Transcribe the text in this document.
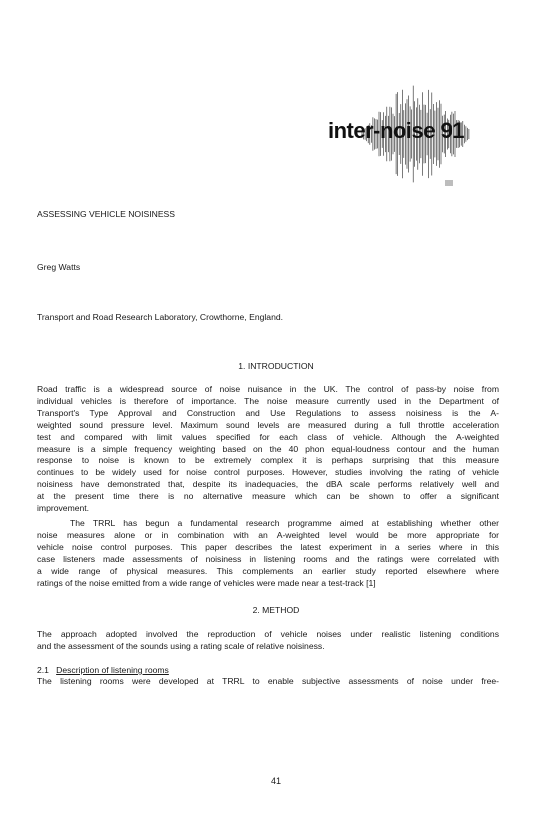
inter-noise 91
ASSESSING VEHICLE NOISINESS
Greg Watts
Transport and Road Research Laboratory, Crowthorne, England.
1. INTRODUCTION
Road traffic is a widespread source of noise nuisance in the UK. The control of pass-by noise from
individual vehicles is therefore of importance. The noise measure currently used in the Department of
Transport's Type Approval and Construction and Use Regulations to assess noisiness is the A-
weighted sound pressure level. Maximum sound levels are measured during a full throttle acceleration
test and compared with limit values specified for each class of vehicle. Although the A-weighted
measure is a simple frequency weighting based on the 40 phon equal-loudness contour and the human
response to noise is known to be extremely complex it is perhaps surprising that this measure
continues to be widely used for noise control purposes. However, studies involving the rating of vehicle
noisiness have demonstrated that, despite its inadequacies, the dBA scale performs relatively well and
at the present time there is no alternative measure which can be shown to offer a significant
improvement.
The TRRL has begun a fundamental research programme aimed at establishing whether other
noise measures alone or in combination with an A-weighted level would be more appropriate for
vehicle noise control purposes. This paper describes the latest experiment in a series where in this
case listeners made assessments of noisiness in listening rooms and the ratings were correlated with
a wide range of physical measures. This complements an earlier study reported elsewhere where
ratings of the noise emitted from a wide range of vehicles were made near a test-track [1]
2. METHOD
The approach adopted involved the reproduction of vehicle noises under realistic listening conditions
and the assessment of the sounds using a rating scale of relative noisiness.
2.1 Description of listening rooms
The listening rooms were developed at TRRL to enable subjective assessments of noise under free-
41
